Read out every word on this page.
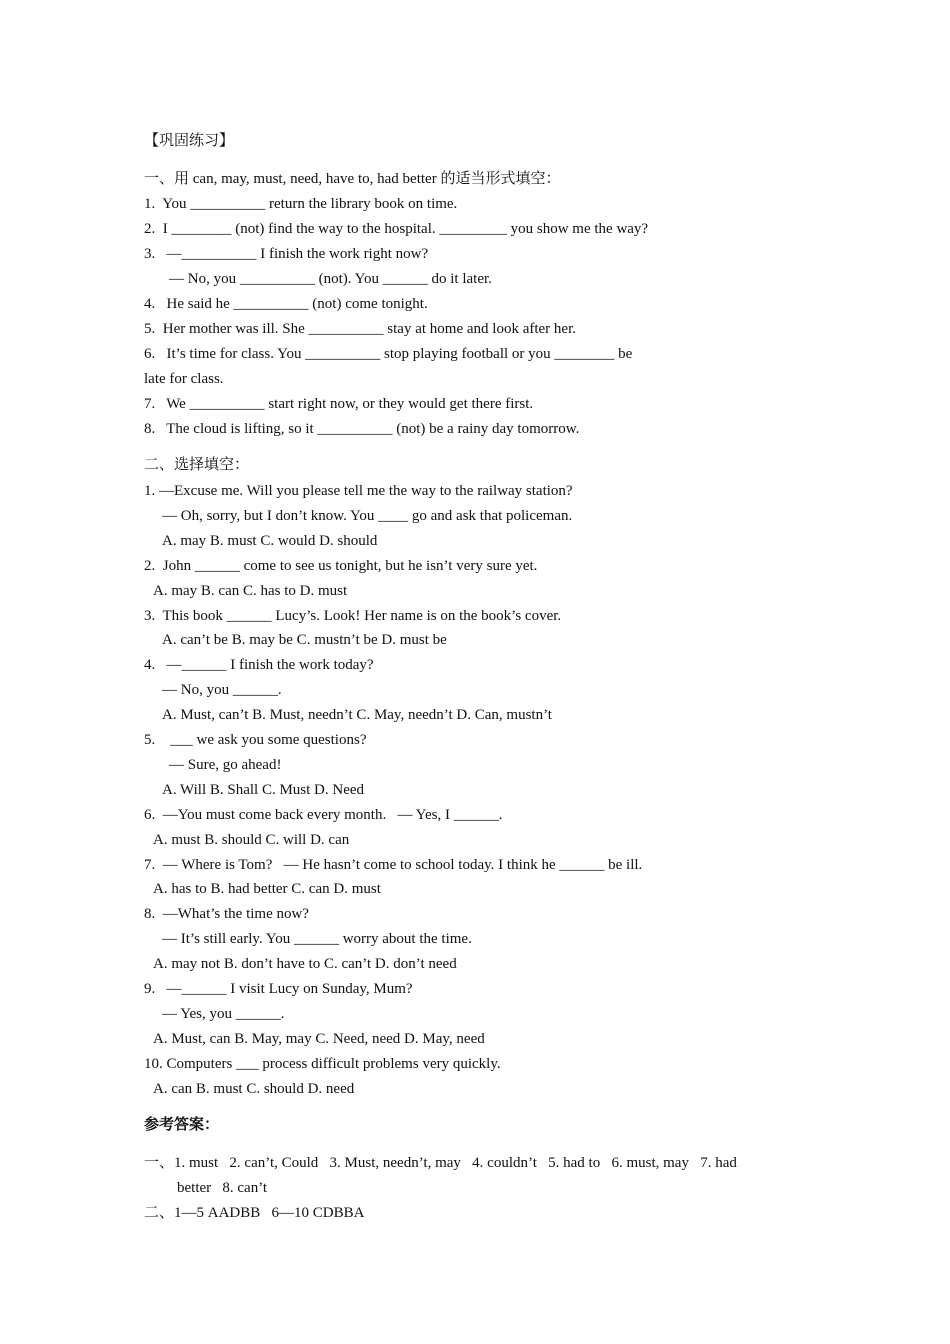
【巩固练习】
一、用 can, may, must, need, have to, had better 的适当形式填空：
1.  You __________ return the library book on time.
2.  I ________ (not) find the way to the hospital. _________ you show me the way?
3.   —__________ I finish the work right now?
— No, you __________ (not). You ______ do it later.
4.   He said he __________ (not) come tonight.
5.  Her mother was ill. She __________ stay at home and look after her.
6.   It’s time for class. You __________ stop playing football or you ________ be
late for class.
7.   We __________ start right now, or they would get there first.
8.   The cloud is lifting, so it __________ (not) be a rainy day tomorrow.
二、选择填空：
1. —Excuse me. Will you please tell me the way to the railway station?
— Oh, sorry, but I don’t know. You ____ go and ask that policeman.
A. may B. must C. would D. should
2.  John ______ come to see us tonight, but he isn’t very sure yet.
A. may B. can C. has to D. must
3.  This book ______ Lucy’s. Look! Her name is on the book’s cover.
A. can’t be B. may be C. mustn’t be D. must be
4.   —______ I finish the work today?
— No, you ______.
A. Must, can’t B. Must, needn’t C. May, needn’t D. Can, mustn’t
5.    ___ we ask you some questions?
— Sure, go ahead!
A. Will B. Shall C. Must D. Need
6.  —You must come back every month.   — Yes, I ______.
A. must B. should C. will D. can
7.  — Where is Tom?   — He hasn’t come to school today. I think he ______ be ill.
A. has to B. had better C. can D. must
8.  —What’s the time now?
— It’s still early. You ______ worry about the time.
A. may not B. don’t have to C. can’t D. don’t need
9.   —______ I visit Lucy on Sunday, Mum?
— Yes, you ______.
A. Must, can B. May, may C. Need, need D. May, need
10. Computers ___ process difficult problems very quickly.
A. can B. must C. should D. need
参考答案：
一、1. must   2. can’t, Could   3. Must, needn’t, may   4. couldn’t   5. had to   6. must, may   7. had
better   8. can’t
二、1—5 AADBB   6—10 CDBBA
